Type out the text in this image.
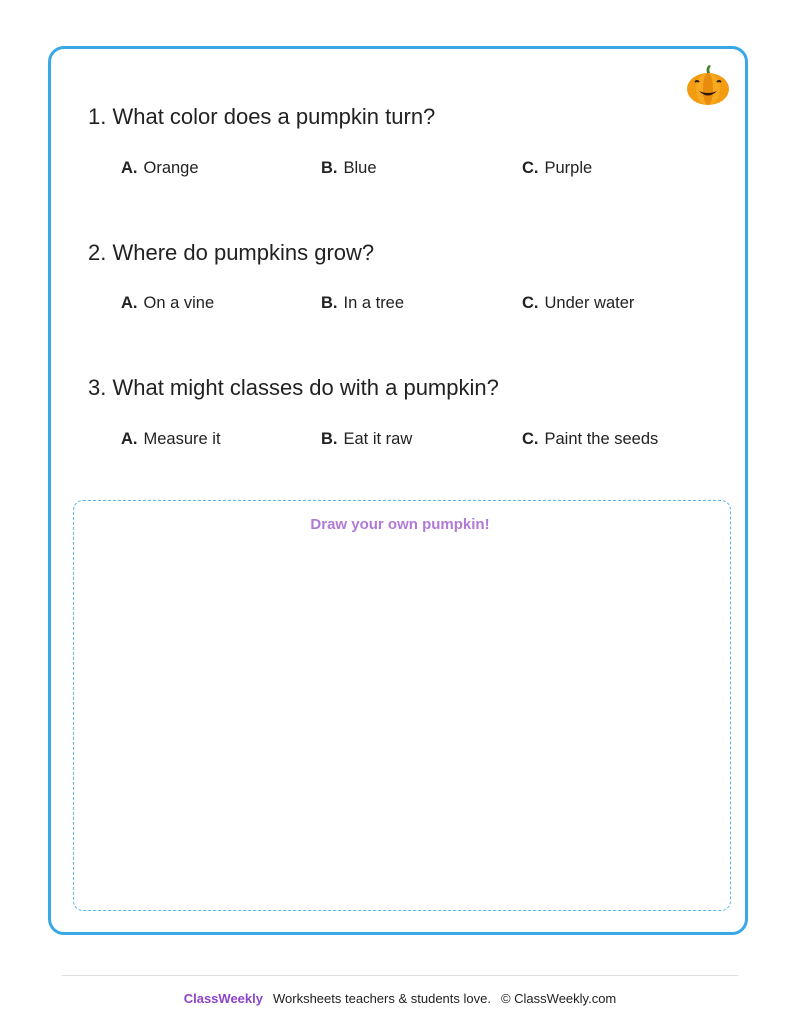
1. What color does a pumpkin turn?
A. Orange	B. Blue	C. Purple
2. Where do pumpkins grow?
A. On a vine	B. In a tree	C. Under water
3. What might classes do with a pumpkin?
A. Measure it	B. Eat it raw	C. Paint the seeds
Draw your own pumpkin!
ClassWeekly Worksheets teachers & students love. © ClassWeekly.com
